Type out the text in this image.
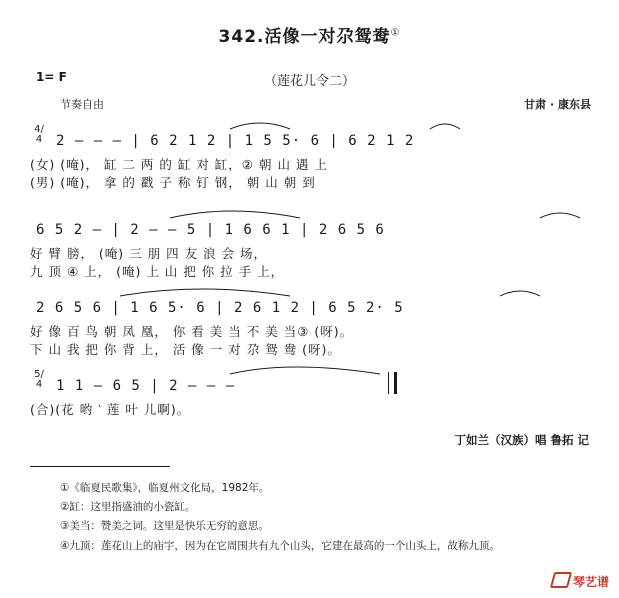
342.活像一对尕鸳鸯①
1= F	（莲花儿令二）
节奏自由	甘肃 · 康东县
4/4 2 — — — | 6 2 1 2 | 1 5 5· 6 | 6 2 1 2
(女) (唵)， 缸 二 两 的 缸 对 缸，② 朝 山 遇 上
(男) (唵)， 拿 的 戳 子 称 钉 钢， 朝 山 朝 到
6 5 2 — | 2 — — 5 | 1 6 6 1 | 2 6 5 6
好 臂 膀， (唵) 三 朋 四 友 浪 会 场，
九 顶 ④ 上， (唵) 上 山 把 你 拉 手 上，
2 6 5 6 | 1 6 5· 6 | 2 6 1 2 | 6 5 2· 5
好 像 百 鸟 朝 凤 凰， 你 看 美 当 不 美 当③ (呀)。
下 山 我 把 你 背 上， 活 像 一 对 尕 鸳 鸯 (呀)。
5/4 1 1 — 6 5 | 2 — — —
(合)(花 哟 ‵ 莲 叶 儿啊)。
丁如兰（汉族）唱 鲁拓 记
①《临夏民歌集》，临夏州文化局，1982年。
②缸：这里指盛油的小瓷缸。
③美当：赞美之词。这里是快乐无穷的意思。
④九顶：莲花山上的庙宇，因为在它周围共有九个山头，它建在最高的一个山头上，故称九顶。
琴艺谱
